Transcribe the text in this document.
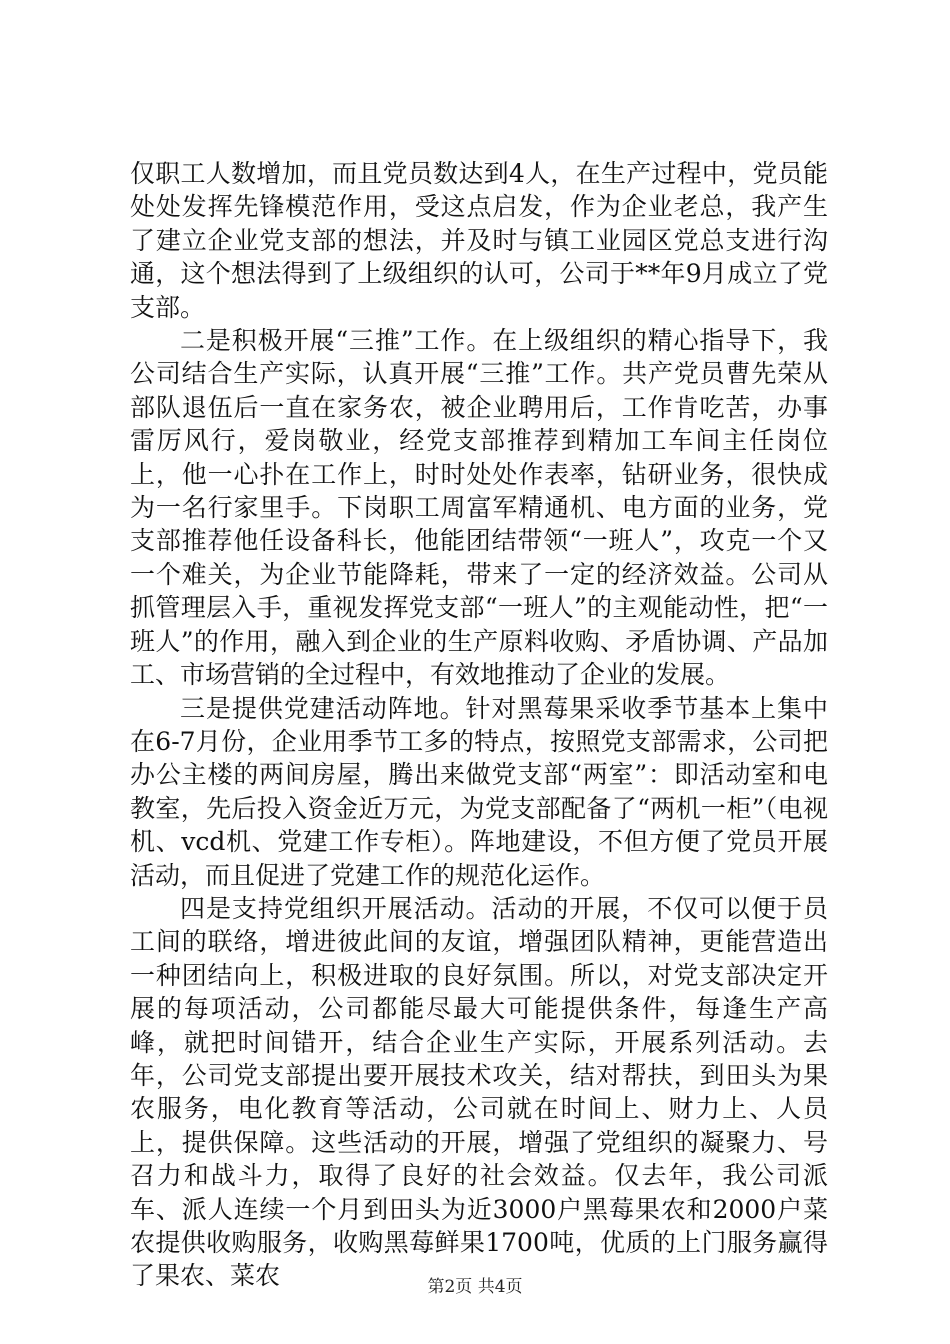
仅职工人数增加，而且党员数达到4人，在生产过程中，党员能处处发挥先锋模范作用，受这点启发，作为企业老总，我产生了建立企业党支部的想法，并及时与镇工业园区党总支进行沟通，这个想法得到了上级组织的认可，公司于**年9月成立了党支部。

二是积极开展“三推”工作。在上级组织的精心指导下，我公司结合生产实际，认真开展“三推”工作。共产党员曹先荣从部队退伍后一直在家务农，被企业聘用后，工作肯吃苦，办事雷厉风行，爱岗敬业，经党支部推荐到精加工车间主任岗位上，他一心扑在工作上，时时处处作表率，钻研业务，很快成为一名行家里手。下岗职工周富军精通机、电方面的业务，党支部推荐他任设备科长，他能团结带领“一班人”，攻克一个又一个难关，为企业节能降耗，带来了一定的经济效益。公司从抓管理层入手，重视发挥党支部“一班人”的主观能动性，把“一班人”的作用，融入到企业的生产原料收购、矛盾协调、产品加工、市场营销的全过程中，有效地推动了企业的发展。

三是提供党建活动阵地。针对黑莓果采收季节基本上集中在6-7月份，企业用季节工多的特点，按照党支部需求，公司把办公主楼的两间房屋，腾出来做党支部“两室”：即活动室和电教室，先后投入资金近万元，为党支部配备了“两机一柜”（电视机、vcd机、党建工作专柜）。阵地建设，不但方便了党员开展活动，而且促进了党建工作的规范化运作。

四是支持党组织开展活动。活动的开展，不仅可以便于员工间的联络，增进彼此间的友谊，增强团队精神，更能营造出一种团结向上，积极进取的良好氛围。所以，对党支部决定开展的每项活动，公司都能尽最大可能提供条件，每逢生产高峰，就把时间错开，结合企业生产实际，开展系列活动。去年，公司党支部提出要开展技术攻关，结对帮扶，到田头为果农服务，电化教育等活动，公司就在时间上、财力上、人员上，提供保障。这些活动的开展，增强了党组织的凝聚力、号召力和战斗力，取得了良好的社会效益。仅去年，我公司派车、派人连续一个月到田头为近3000户黑莓果农和2000户菜农提供收购服务，收购黑莓鲜果1700吨，优质的上门服务赢得了果农、菜农	第2页 共4页
